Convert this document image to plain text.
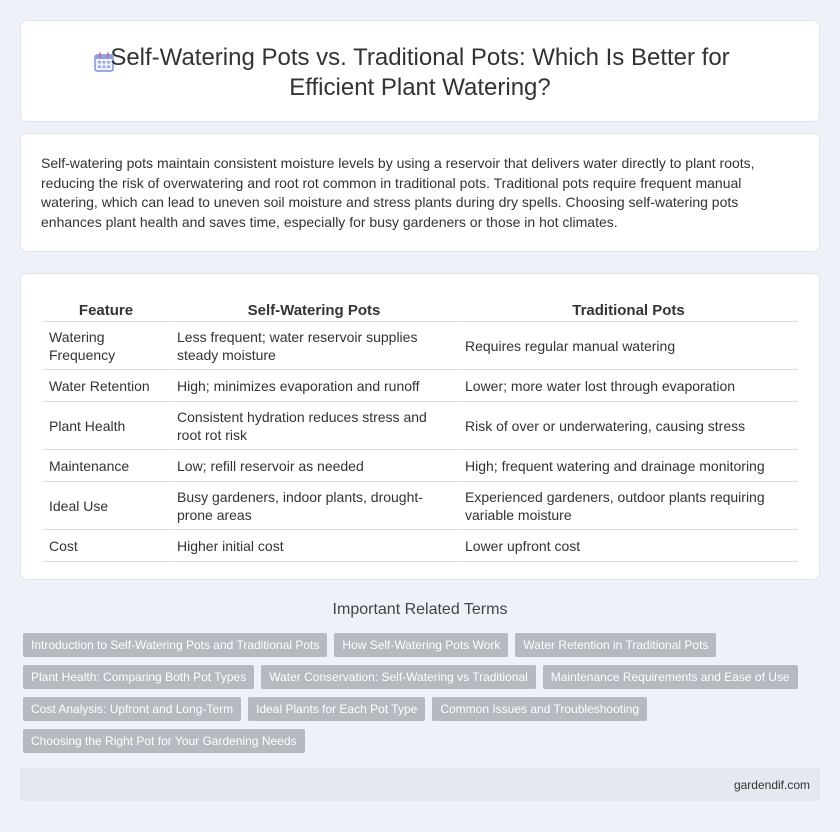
Self-Watering Pots vs. Traditional Pots: Which Is Better for Efficient Plant Watering?

Self-watering pots maintain consistent moisture levels by using a reservoir that delivers water directly to plant roots, reducing the risk of overwatering and root rot common in traditional pots. Traditional pots require frequent manual watering, which can lead to uneven soil moisture and stress plants during dry spells. Choosing self-watering pots enhances plant health and saves time, especially for busy gardeners or those in hot climates.

Feature	Self-Watering Pots	Traditional Pots
Watering Frequency	Less frequent; water reservoir supplies steady moisture	Requires regular manual watering
Water Retention	High; minimizes evaporation and runoff	Lower; more water lost through evaporation
Plant Health	Consistent hydration reduces stress and root rot risk	Risk of over or underwatering, causing stress
Maintenance	Low; refill reservoir as needed	High; frequent watering and drainage monitoring
Ideal Use	Busy gardeners, indoor plants, drought-prone areas	Experienced gardeners, outdoor plants requiring variable moisture
Cost	Higher initial cost	Lower upfront cost
Important Related Terms
Introduction to Self-Watering Pots and Traditional Pots	How Self-Watering Pots Work	Water Retention in Traditional Pots
Plant Health: Comparing Both Pot Types	Water Conservation: Self-Watering vs Traditional	Maintenance Requirements and Ease of Use
Cost Analysis: Upfront and Long-Term	Ideal Plants for Each Pot Type	Common Issues and Troubleshooting
Choosing the Right Pot for Your Gardening Needs
gardendif.com
